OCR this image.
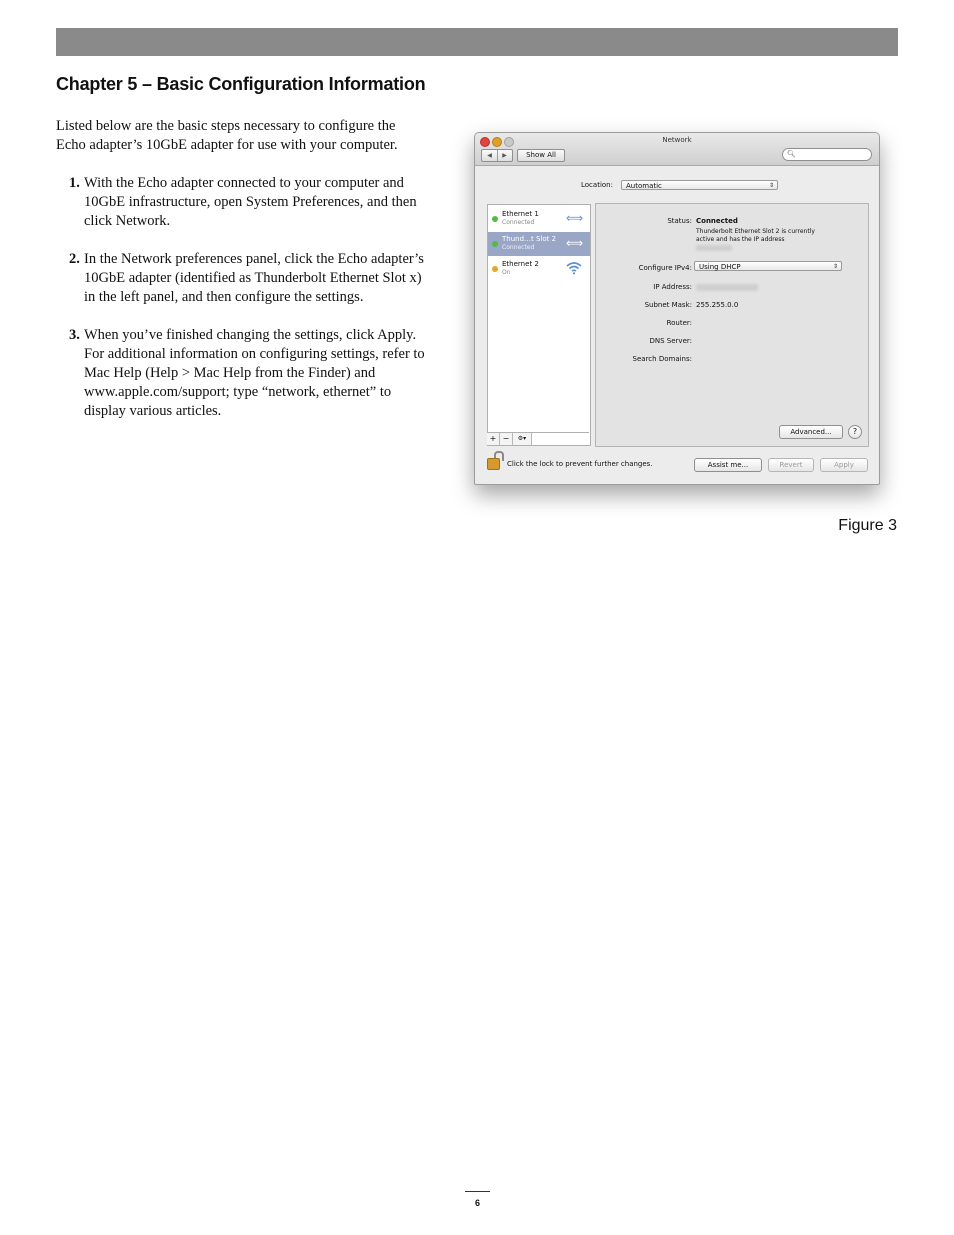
Chapter 5 – Basic Configuration Information

Listed below are the basic steps necessary to configure the Echo adapter’s 10GbE adapter for use with your computer.

1. With the Echo adapter connected to your computer and 10GbE infrastructure, open System Preferences, and then click Network.
2. In the Network preferences panel, click the Echo adapter’s 10GbE adapter (identified as Thunderbolt Ethernet Slot x) in the left panel, and then configure the settings.
3. When you’ve finished changing the settings, click Apply. For additional information on configuring settings, refer to Mac Help (Help > Mac Help from the Finder) and www.apple.com/support; type “network, ethernet” to display various articles.
Network
◀	▶	Show All	🔍︎
Location:	Automatic	⇕
Ethernet 1
Connected	⟺
Thund…t Slot 2
Connected	⟺
Ethernet 2
On
+ −	⚙▾
Status: Connected
Thunderbolt Ethernet Slot 2 is currently
active and has the IP address
Configure IPv4:	Using DHCP	⇕
IP Address:
Subnet Mask: 255.255.0.0
Router:
DNS Server:
Search Domains:
Advanced...	?
Click the lock to prevent further changes.	Assist me...	Revert	Apply
Figure 3
6
